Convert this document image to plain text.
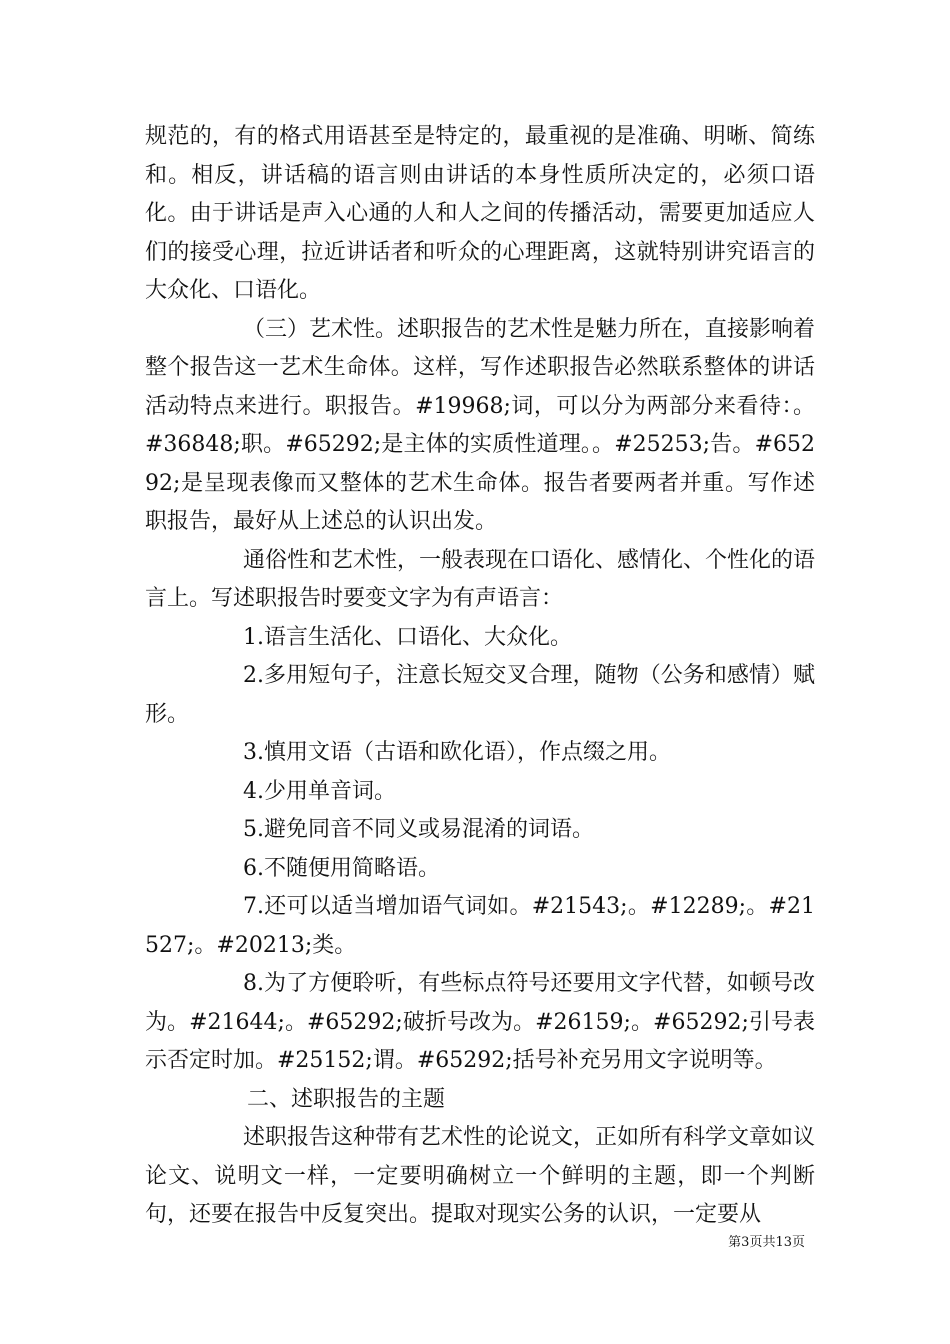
规范的，有的格式用语甚至是特定的，最重视的是准确、明晰、简练和。相反，讲话稿的语言则由讲话的本身性质所决定的，必须口语化。由于讲话是声入心通的人和人之间的传播活动，需要更加适应人们的接受心理，拉近讲话者和听众的心理距离，这就特别讲究语言的大众化、口语化。

（三）艺术性。述职报告的艺术性是魅力所在，直接影响着整个报告这一艺术生命体。这样，写作述职报告必然联系整体的讲话活动特点来进行。职报告。#19968;词，可以分为两部分来看待：。#36848;职。#65292;是主体的实质性道理。。#25253;告。#65292;是呈现表像而又整体的艺术生命体。报告者要两者并重。写作述职报告，最好从上述总的认识出发。

通俗性和艺术性，一般表现在口语化、感情化、个性化的语言上。写述职报告时要变文字为有声语言：

1.语言生活化、口语化、大众化。

2.多用短句子，注意长短交叉合理，随物（公务和感情）赋形。

3.慎用文语（古语和欧化语），作点缀之用。

4.少用单音词。

5.避免同音不同义或易混淆的词语。

6.不随便用简略语。

7.还可以适当增加语气词如。#21543;。#12289;。#21527;。#20213;类。

8.为了方便聆听，有些标点符号还要用文字代替，如顿号改为。#21644;。#65292;破折号改为。#26159;。#65292;引号表示否定时加。#25152;谓。#65292;括号补充另用文字说明等。

二、述职报告的主题

述职报告这种带有艺术性的论说文，正如所有科学文章如议论文、说明文一样，一定要明确树立一个鲜明的主题，即一个判断句，还要在报告中反复突出。提取对现实公务的认识，一定要从

第3页共13页
